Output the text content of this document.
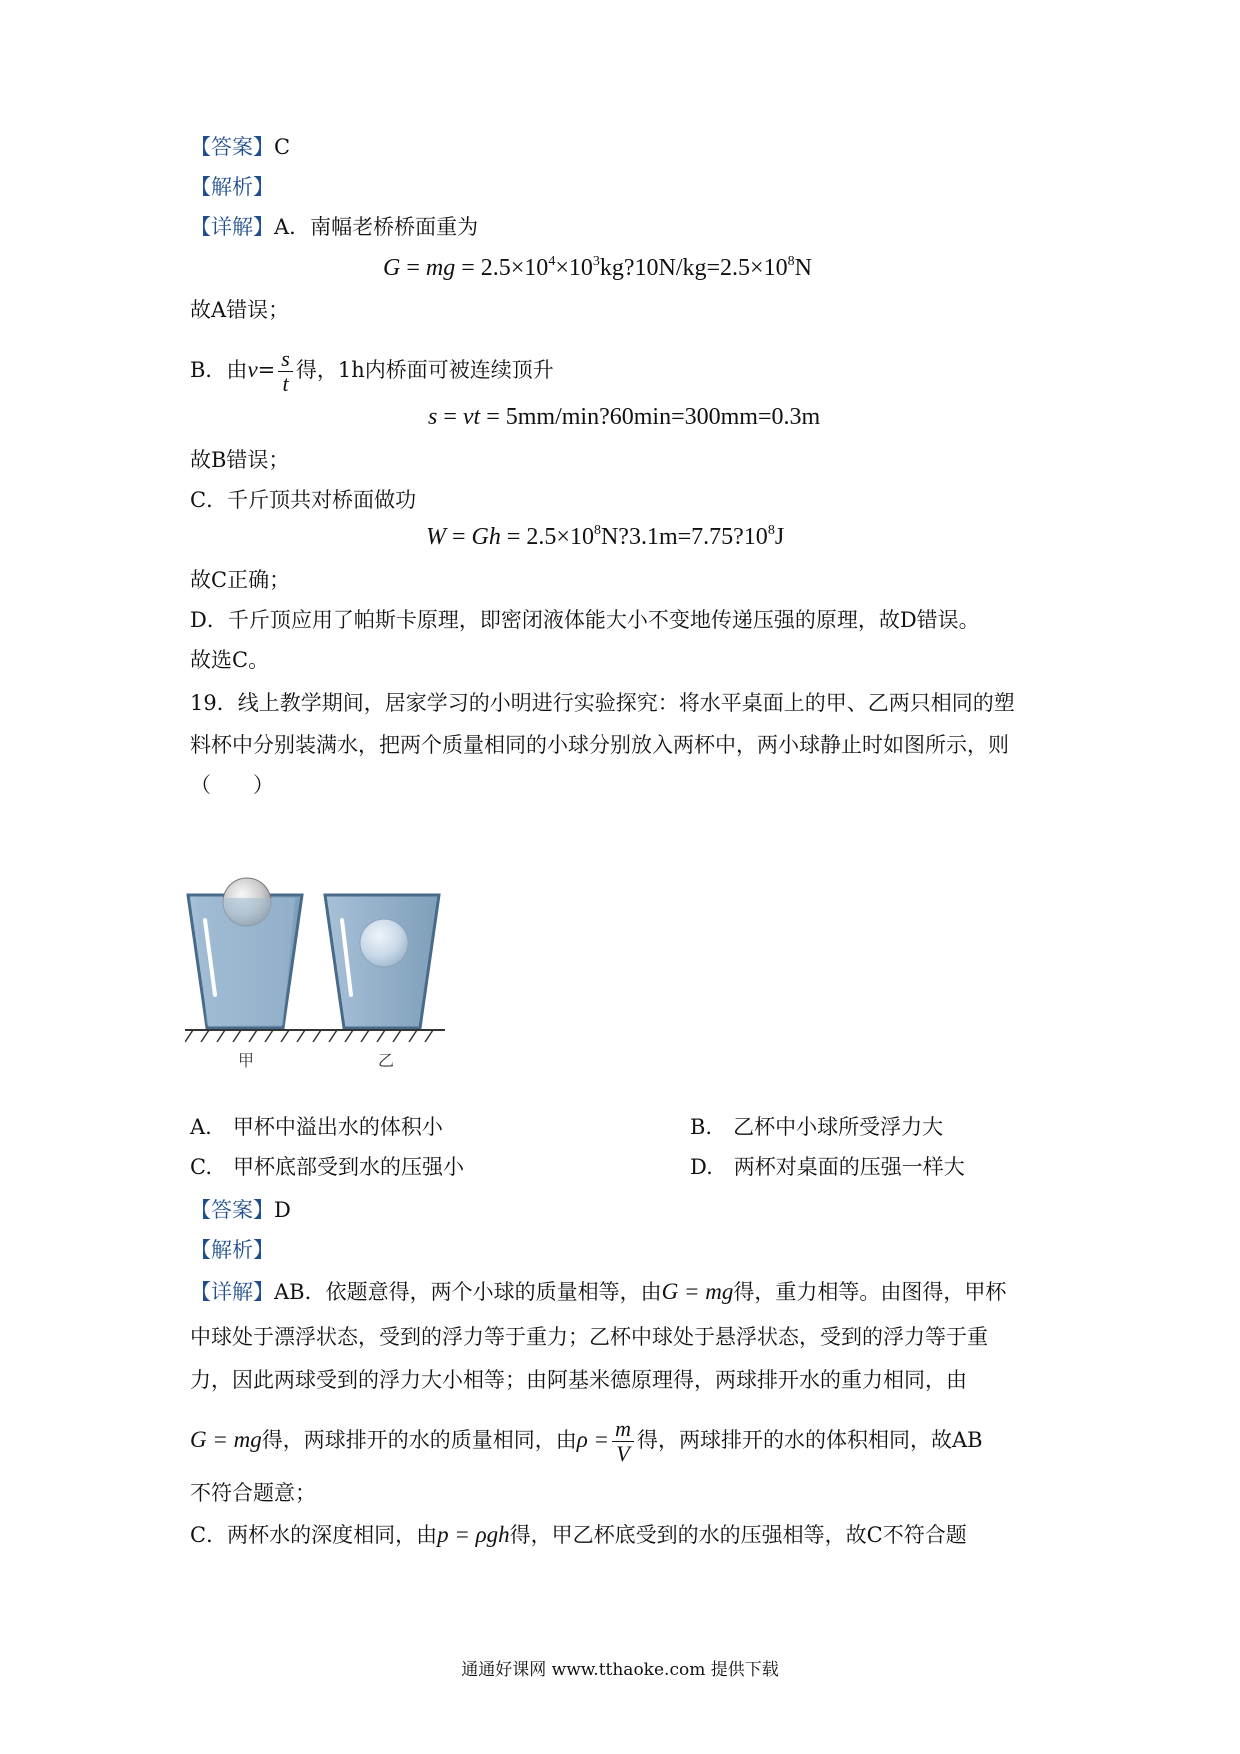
【答案】C
【解析】
【详解】A．南幅老桥桥面重为
G = mg = $2.5\times 10^4\times 10^3kg?10N/kg=2.5\times 10^8N$
故A错误；
B．由$v= \frac{s}{t}$ 得，1h内桥面可被连续顶升
s = vt = 5mm/min?60min=300mm=0.3m
故B错误；
C．千斤顶共对桥面做功
$W = Gh = 2.5\times 10^8N?3.1m=7.75?10^8J$
故C正确；
D．千斤顶应用了帕斯卡原理，即密闭液体能大小不变地传递压强的原理，故D错误。
故选C。
19．线上教学期间，居家学习的小明进行实验探究：将水平桌面上的甲、乙两只相同的塑
料杯中分别装满水，把两个质量相同的小球分别放入两杯中，两小球静止时如图所示，则
（　　）
甲	乙
A.　甲杯中溢出水的体积小	B.　乙杯中小球所受浮力大
C.　甲杯底部受到水的压强小	D.　两杯对桌面的压强一样大
【答案】D
【解析】
【详解】AB．依题意得，两个小球的质量相等，由G = mg得，重力相等。由图得，甲杯
中球处于漂浮状态，受到的浮力等于重力；乙杯中球处于悬浮状态，受到的浮力等于重
力，因此两球受到的浮力大小相等；由阿基米德原理得，两球排开水的重力相同，由
G = mg得，两球排开的水的质量相同，由$\rho = \frac{m}{V}$ 得，两球排开的水的体积相同，故AB
不符合题意；
C．两杯水的深度相同，由p = ρgh得，甲乙杯底受到的水的压强相等，故C不符合题
通通好课网 www.tthaoke.com 提供下载
